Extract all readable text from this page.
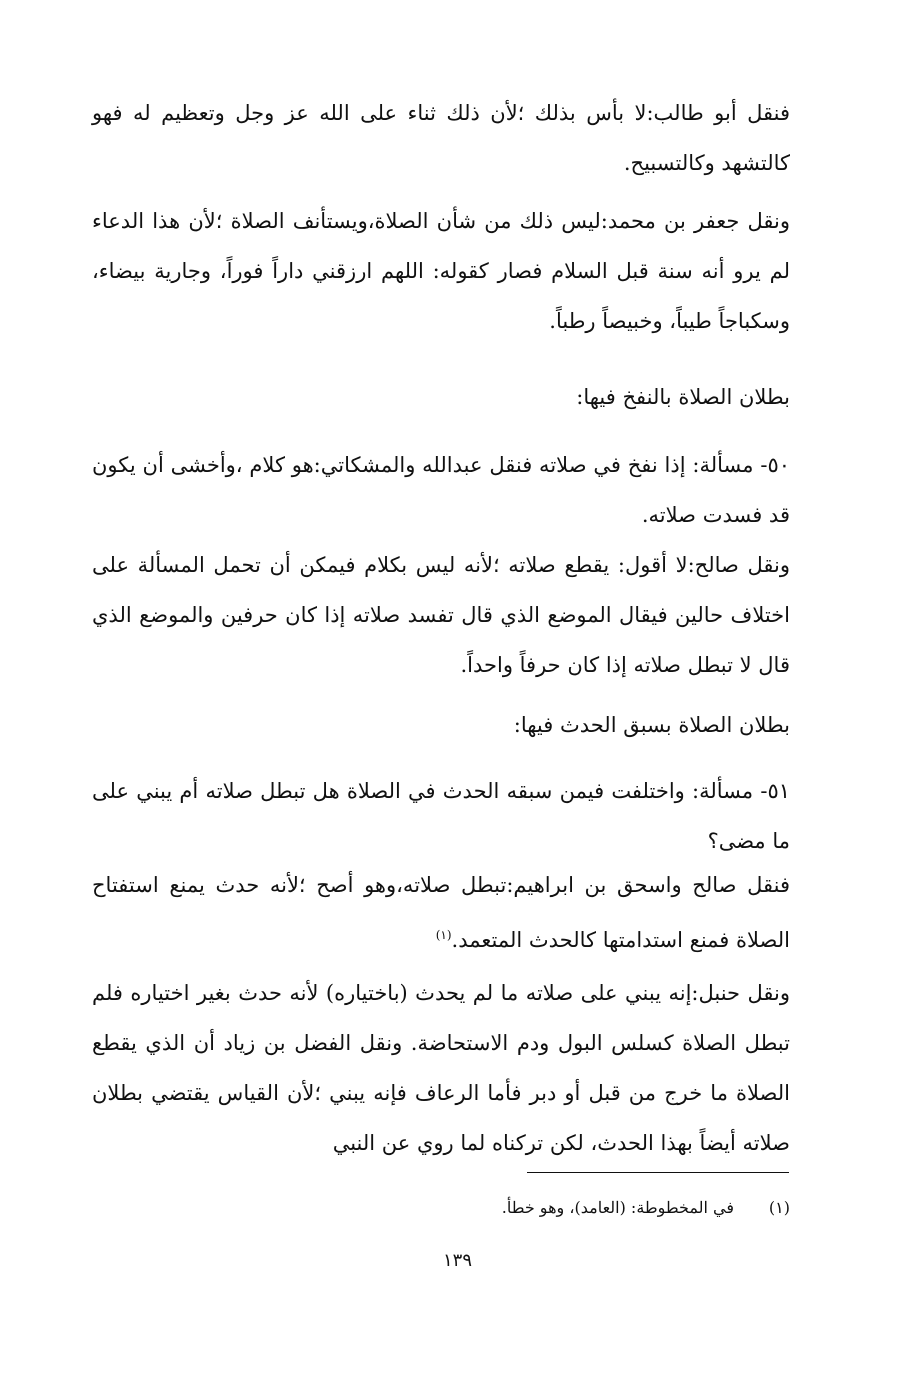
فنقل أبو طالب:لا بأس بذلك ؛لأن ذلك ثناء على الله عز وجل وتعظيم له فهو كالتشهد وكالتسبيح.

ونقل جعفر بن محمد:ليس ذلك من شأن الصلاة،ويستأنف الصلاة ؛لأن هذا الدعاء لم يرو أنه سنة قبل السلام فصار كقوله: اللهم ارزقني داراً فوراً، وجارية بيضاء، وسكباجاً طيباً، وخبيصاً رطباً.

بطلان الصلاة بالنفخ فيها:

٥٠- مسألة: إذا نفخ في صلاته فنقل عبدالله والمشكاتي:هو كلام ،وأخشى أن يكون قد فسدت صلاته.

ونقل صالح:لا أقول: يقطع صلاته ؛لأنه ليس بكلام فيمكن أن تحمل المسألة على اختلاف حالين فيقال الموضع الذي قال تفسد صلاته إذا كان حرفين والموضع الذي قال لا تبطل صلاته إذا كان حرفاً واحداً.

بطلان الصلاة بسبق الحدث فيها:

٥١- مسألة: واختلفت فيمن سبقه الحدث في الصلاة هل تبطل صلاته أم يبني على ما مضى؟

فنقل صالح واسحق بن ابراهيم:تبطل صلاته،وهو أصح ؛لأنه حدث يمنع استفتاح الصلاة فمنع استدامتها كالحدث المتعمد.$^{(١)}$

ونقل حنبل:إنه يبني على صلاته ما لم يحدث (باختياره) لأنه حدث بغير اختياره فلم تبطل الصلاة كسلس البول ودم الاستحاضة. ونقل الفضل بن زياد أن الذي يقطع الصلاة ما خرج من قبل أو دبر فأما الرعاف فإنه يبني ؛لأن القياس يقتضي بطلان صلاته أيضاً بهذا الحدث، لكن تركناه لما روي عن النبي

(١)في المخطوطة: (العامد)، وهو خطأ.
١٣٩
